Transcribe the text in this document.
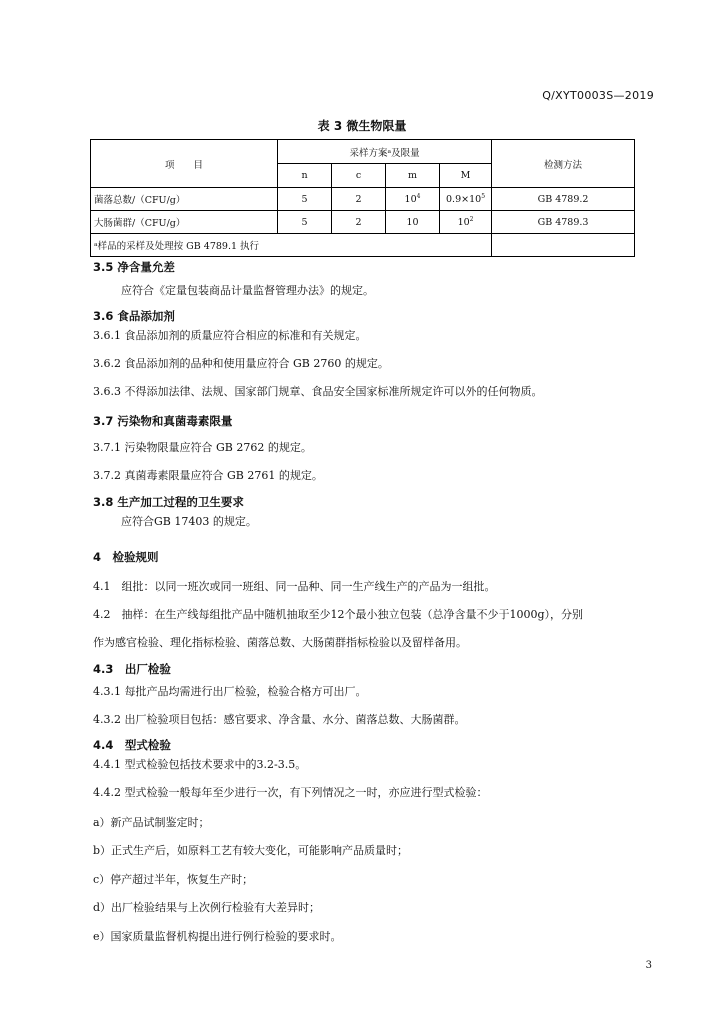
Q/XYT0003S—2019
表 3 微生物限量
项　　目	采样方案ᵃ及限量				检测方法
	n	c	m	M	
菌落总数/（CFU/g）	5	2	$10^4$	$0.9\times 10^5$	GB 4789.2
大肠菌群/（CFU/g）	5	2	10	$10^2$	GB 4789.3
ᵃ样品的采样及处理按 GB 4789.1 执行					
3.5 净含量允差
应符合《定量包装商品计量监督管理办法》的规定。
3.6 食品添加剂
3.6.1 食品添加剂的质量应符合相应的标准和有关规定。
3.6.2 食品添加剂的品种和使用量应符合 GB 2760 的规定。
3.6.3 不得添加法律、法规、国家部门规章、食品安全国家标准所规定许可以外的任何物质。
3.7 污染物和真菌毒素限量
3.7.1 污染物限量应符合 GB 2762 的规定。
3.7.2 真菌毒素限量应符合 GB 2761 的规定。
3.8 生产加工过程的卫生要求
应符合GB 17403 的规定。
4　检验规则
4.1　组批：以同一班次或同一班组、同一品种、同一生产线生产的产品为一组批。
4.2　抽样：在生产线每组批产品中随机抽取至少12个最小独立包装（总净含量不少于1000g），分别
作为感官检验、理化指标检验、菌落总数、大肠菌群指标检验以及留样备用。
4.3　出厂检验
4.3.1 每批产品均需进行出厂检验，检验合格方可出厂。
4.3.2 出厂检验项目包括：感官要求、净含量、水分、菌落总数、大肠菌群。
4.4　型式检验
4.4.1 型式检验包括技术要求中的3.2-3.5。
4.4.2 型式检验一般每年至少进行一次，有下列情况之一时，亦应进行型式检验：
a）新产品试制鉴定时；
b）正式生产后，如原料工艺有较大变化，可能影响产品质量时；
c）停产超过半年，恢复生产时；
d）出厂检验结果与上次例行检验有大差异时；
e）国家质量监督机构提出进行例行检验的要求时。
3
